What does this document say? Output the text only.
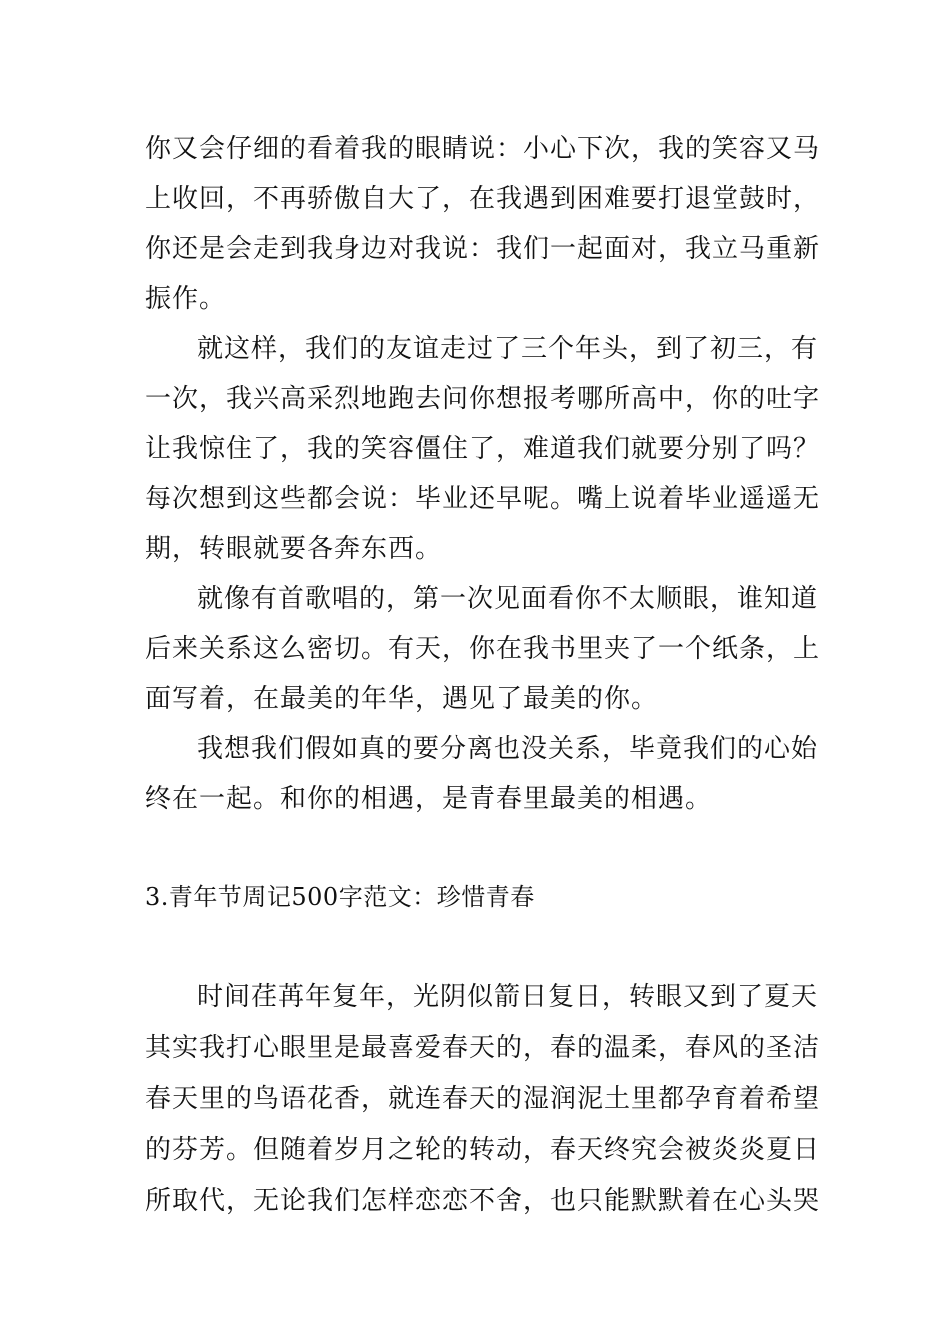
你又会仔细的看着我的眼睛说：小心下次，我的笑容又马
上收回，不再骄傲自大了，在我遇到困难要打退堂鼓时，
你还是会走到我身边对我说：我们一起面对，我立马重新
振作。
就这样，我们的友谊走过了三个年头，到了初三，有
一次，我兴高采烈地跑去问你想报考哪所高中，你的吐字
让我惊住了，我的笑容僵住了，难道我们就要分别了吗？
每次想到这些都会说：毕业还早呢。嘴上说着毕业遥遥无
期，转眼就要各奔东西。
就像有首歌唱的，第一次见面看你不太顺眼，谁知道
后来关系这么密切。有天，你在我书里夹了一个纸条，上
面写着，在最美的年华，遇见了最美的你。
我想我们假如真的要分离也没关系，毕竟我们的心始
终在一起。和你的相遇，是青春里最美的相遇。
3.青年节周记500字范文：珍惜青春
时间荏苒年复年，光阴似箭日复日，转眼又到了夏天
其实我打心眼里是最喜爱春天的，春的温柔，春风的圣洁
春天里的鸟语花香，就连春天的湿润泥土里都孕育着希望
的芬芳。但随着岁月之轮的转动，春天终究会被炎炎夏日
所取代，无论我们怎样恋恋不舍，也只能默默着在心头哭
